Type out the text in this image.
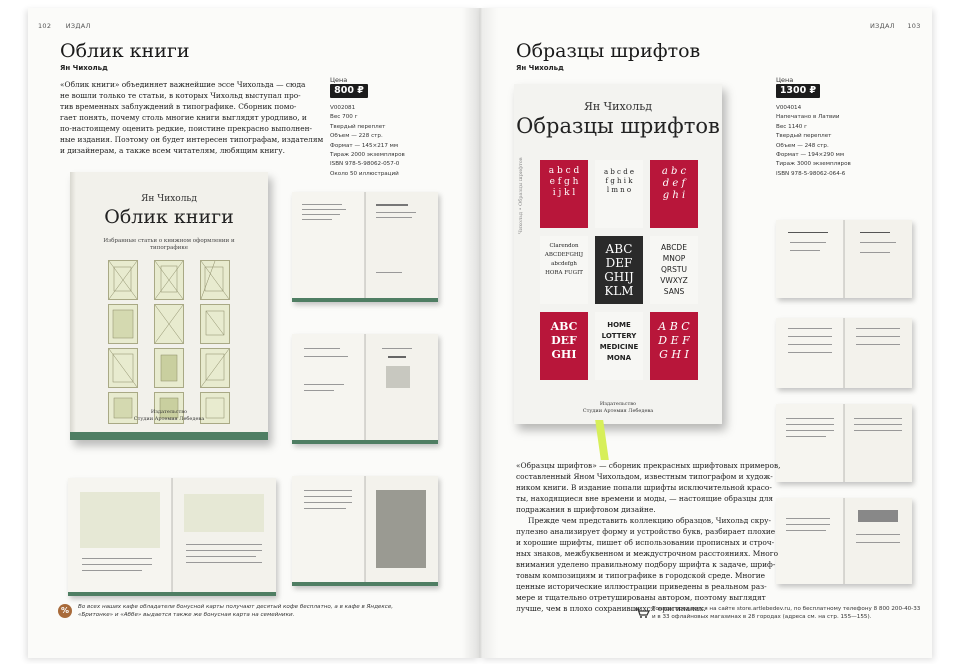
102 ИЗДАЛ
Облик книги
Ян Чихольд

«Облик книги» объединяет важнейшие эссе Чихольда — сюда

не вошли только те статьи, в которых Чихольд выступал про-

тив временных заблуждений в типографике. Сборник помо-

гает понять, почему столь многие книги выглядят уродливо, и

по-настоящему оценить редкие, поистине прекрасно выполнен-

ные издания. Поэтому он будет интересен типографам, издателям

и дизайнерам, а также всем читателям, любящим книгу.

Цена
800 ₽
V002081
Вес 700 г
Твердый переплет
Объем — 228 стр.
Формат — 145×217 мм
Тираж 2000 экземпляров
ISBN 978-5-98062-057-0
Около 50 иллюстраций
Ян Чихольд
Облик книги
Избранные статьи о книжном оформлении и типографике
Издательство
Студии Артемия Лебедева
%	Во всех наших кафе обладатели бонусной карты получают десятый кофе бесплатно, а в кафе в Яндексе, «Бритонке» и «Аббе» выдается также же бонусная карта на семейники.
ИЗДАЛ 103
Образцы шрифтов
Ян Чихольд
Цена
1300 ₽
V004014
Напечатано в Латвии
Вес 1140 г
Твердый переплет
Объем — 248 стр.
Формат — 194×290 мм
Тираж 3000 экземпляров
ISBN 978-5-98062-064-6
Ян Чихольд
Образцы шрифтов
Чихольд • Образцы шрифтов	a b c d
e f g h
i j k l
a b c d e
f g h i k
l m n o
a b c
d e f
g h i
Clarendon
ABCDEFGHIJ
abcdefgh
HORA FUGIT
ABC
DEF
GHIJ
KLM
ABCDE
MNOP
QRSTU
VWXYZ
SANS
ABC
DEF
GHI
HOME
LOTTERY
MEDICINE
MONA
A B C
D E F
G H I
Издательство
Студии Артемия Лебедева

«Образцы шрифтов» — сборник прекрасных шрифтовых примеров,

составленный Яном Чихольдом, известным типографом и худож-

ником книги. В издание попали шрифты исключительной красо-

ты, находящиеся вне времени и моды, — настоящие образцы для

подражания в шрифтовом дизайне.

Прежде чем представить коллекцию образцов, Чихольд скру-

пулезно анализирует форму и устройство букв, разбирает плохие

и хорошие шрифты, пишет об использовании прописных и строч-

ных знаков, межбуквенном и междустрочном расстояниях. Много

внимания уделено правильному подбору шрифта к задаче, шриф-

товым композициям и типографике в городской среде. Многие

ценные исторические иллюстрации приведены в реальном раз-

мере и тщательно отретушированы автором, поэтому выглядят

лучше, чем в плохо сохранившихся оригиналах.

Товары продаются на сайте store.artlebedev.ru, по бесплатному телефону 8 800 200-40-33
и в 33 офлайновых магазинах в 28 городах (адреса см. на стр. 155—155).
